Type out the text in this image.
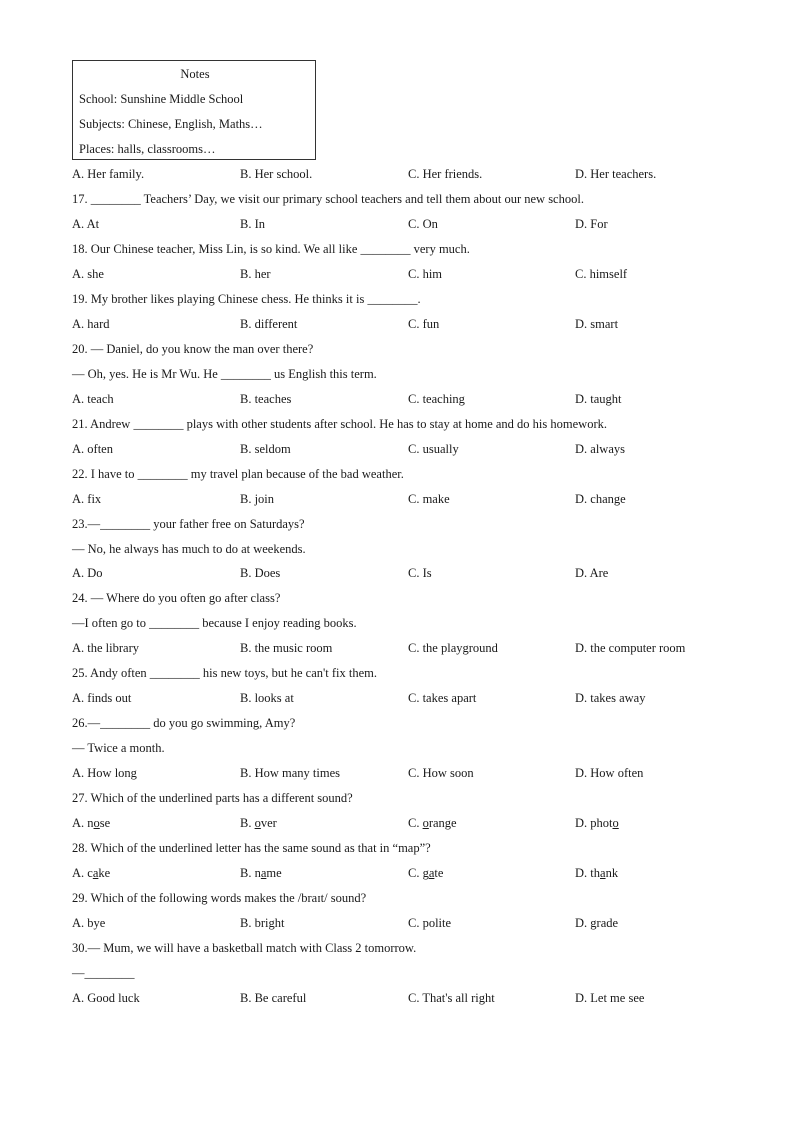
Notes
School: Sunshine Middle School
Subjects: Chinese, English, Maths…
Places: halls, classrooms…
A. Her family.	B. Her school.	C. Her friends.	D. Her teachers.
17. ________ Teachers’ Day, we visit our primary school teachers and tell them about our new school.
A. At	B. In	C. On	D. For
18. Our Chinese teacher, Miss Lin, is so kind. We all like ________ very much.
A. she	B. her	C. him	C. himself
19. My brother likes playing Chinese chess. He thinks it is ________.
A. hard	B. different	C. fun	D. smart
20. — Daniel, do you know the man over there?
— Oh, yes. He is Mr Wu. He ________ us English this term.
A. teach	B. teaches	C. teaching	D. taught
21. Andrew ________ plays with other students after school. He has to stay at home and do his homework.
A. often	B. seldom	C. usually	D. always
22. I have to ________ my travel plan because of the bad weather.
A. fix	B. join	C. make	D. change
23.—________ your father free on Saturdays?
— No, he always has much to do at weekends.
A. Do	B. Does	C. Is	D. Are
24. — Where do you often go after class?
—I often go to ________ because I enjoy reading books.
A. the library	B. the music room	C. the playground	D. the computer room
25. Andy often ________ his new toys, but he can't fix them.
A. finds out	B. looks at	C. takes apart	D. takes away
26.—________ do you go swimming, Amy?
— Twice a month.
A. How long	B. How many times	C. How soon	D. How often
27. Which of the underlined parts has a different sound?
A. nose	B. over	C. orange	D. photo
28. Which of the underlined letter has the same sound as that in “map”?
A. cake	B. name	C. gate	D. thank
29. Which of the following words makes the /braɪt/ sound?
A. bye	B. bright	C. polite	D. grade
30.— Mum, we will have a basketball match with Class 2 tomorrow.
—________
A. Good luck	B. Be careful	C. That's all right	D. Let me see
